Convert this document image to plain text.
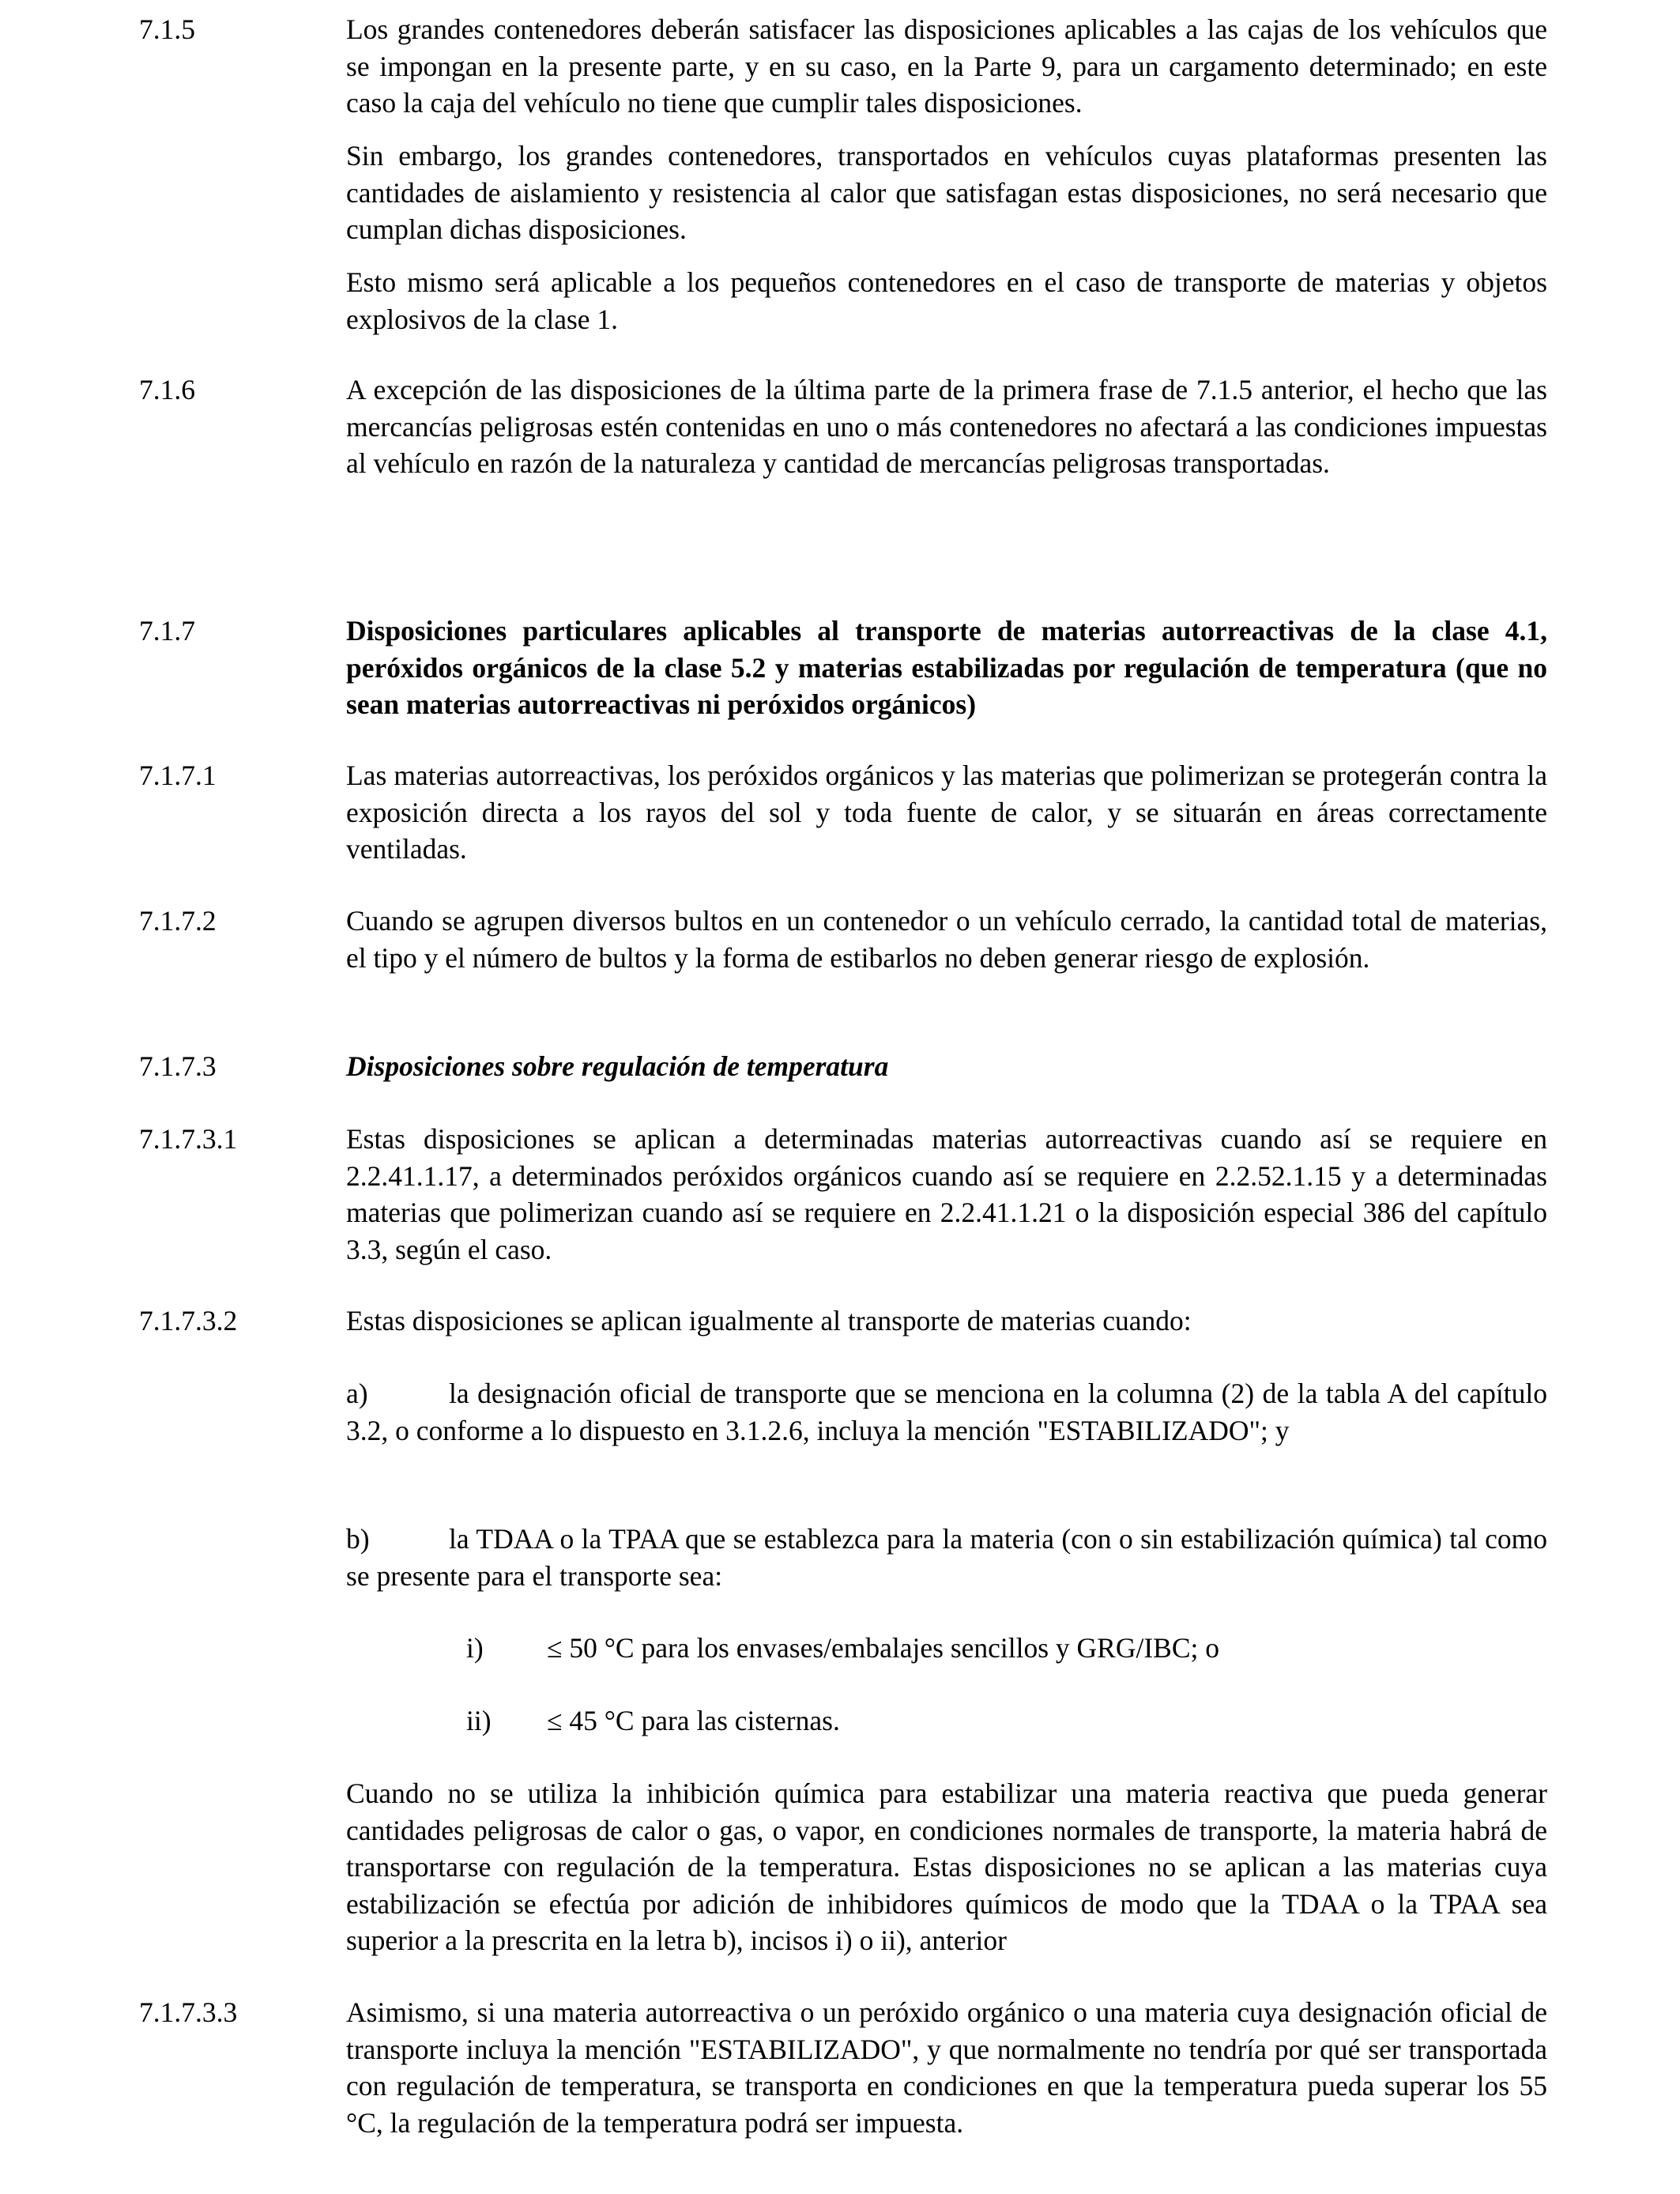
7.1.5	Los grandes contenedores deberán satisfacer las disposiciones aplicables a las cajas de los vehículos que se impongan en la presente parte, y en su caso, en la Parte 9, para un cargamento determinado; en este caso la caja del vehículo no tiene que cumplir tales disposiciones.
Sin embargo, los grandes contenedores, transportados en vehículos cuyas plataformas presenten las cantidades de aislamiento y resistencia al calor que satisfagan estas disposiciones, no será necesario que cumplan dichas disposiciones.
Esto mismo será aplicable a los pequeños contenedores en el caso de transporte de materias y objetos explosivos de la clase 1.
7.1.6	A excepción de las disposiciones de la última parte de la primera frase de 7.1.5 anterior, el hecho que las mercancías peligrosas estén contenidas en uno o más contenedores no afectará a las condiciones impuestas al vehículo en razón de la naturaleza y cantidad de mercancías peligrosas transportadas.
7.1.7	Disposiciones particulares aplicables al transporte de materias autorreactivas de la clase 4.1, peróxidos orgánicos de la clase 5.2 y materias estabilizadas por regulación de temperatura (que no sean materias autorreactivas ni peróxidos orgánicos)
7.1.7.1	Las materias autorreactivas, los peróxidos orgánicos y las materias que polimerizan se protegerán contra la exposición directa a los rayos del sol y toda fuente de calor, y se situarán en áreas correctamente ventiladas.
7.1.7.2	Cuando se agrupen diversos bultos en un contenedor o un vehículo cerrado, la cantidad total de materias, el tipo y el número de bultos y la forma de estibarlos no deben generar riesgo de explosión.
7.1.7.3	Disposiciones sobre regulación de temperatura
7.1.7.3.1	Estas disposiciones se aplican a determinadas materias autorreactivas cuando así se requiere en 2.2.41.1.17, a determinados peróxidos orgánicos cuando así se requiere en 2.2.52.1.15 y a determinadas materias que polimerizan cuando así se requiere en 2.2.41.1.21 o la disposición especial 386 del capítulo 3.3, según el caso.
7.1.7.3.2	Estas disposiciones se aplican igualmente al transporte de materias cuando:
a)	la designación oficial de transporte que se menciona en la columna (2) de la tabla A del capítulo 3.2, o conforme a lo dispuesto en 3.1.2.6, incluya la mención "ESTABILIZADO"; y
b)	la TDAA o la TPAA que se establezca para la materia (con o sin estabilización química) tal como se presente para el transporte sea:
i) ≤ 50 °C para los envases/embalajes sencillos y GRG/IBC; o
ii) ≤ 45 °C para las cisternas.
Cuando no se utiliza la inhibición química para estabilizar una materia reactiva que pueda generar cantidades peligrosas de calor o gas, o vapor, en condiciones normales de transporte, la materia habrá de transportarse con regulación de la temperatura. Estas disposiciones no se aplican a las materias cuya estabilización se efectúa por adición de inhibidores químicos de modo que la TDAA o la TPAA sea superior a la prescrita en la letra b), incisos i) o ii), anterior
7.1.7.3.3	Asimismo, si una materia autorreactiva o un peróxido orgánico o una materia cuya designación oficial de transporte incluya la mención "ESTABILIZADO", y que normalmente no tendría por qué ser transportada con regulación de temperatura, se transporta en condiciones en que la temperatura pueda superar los 55 °C, la regulación de la temperatura podrá ser impuesta.
